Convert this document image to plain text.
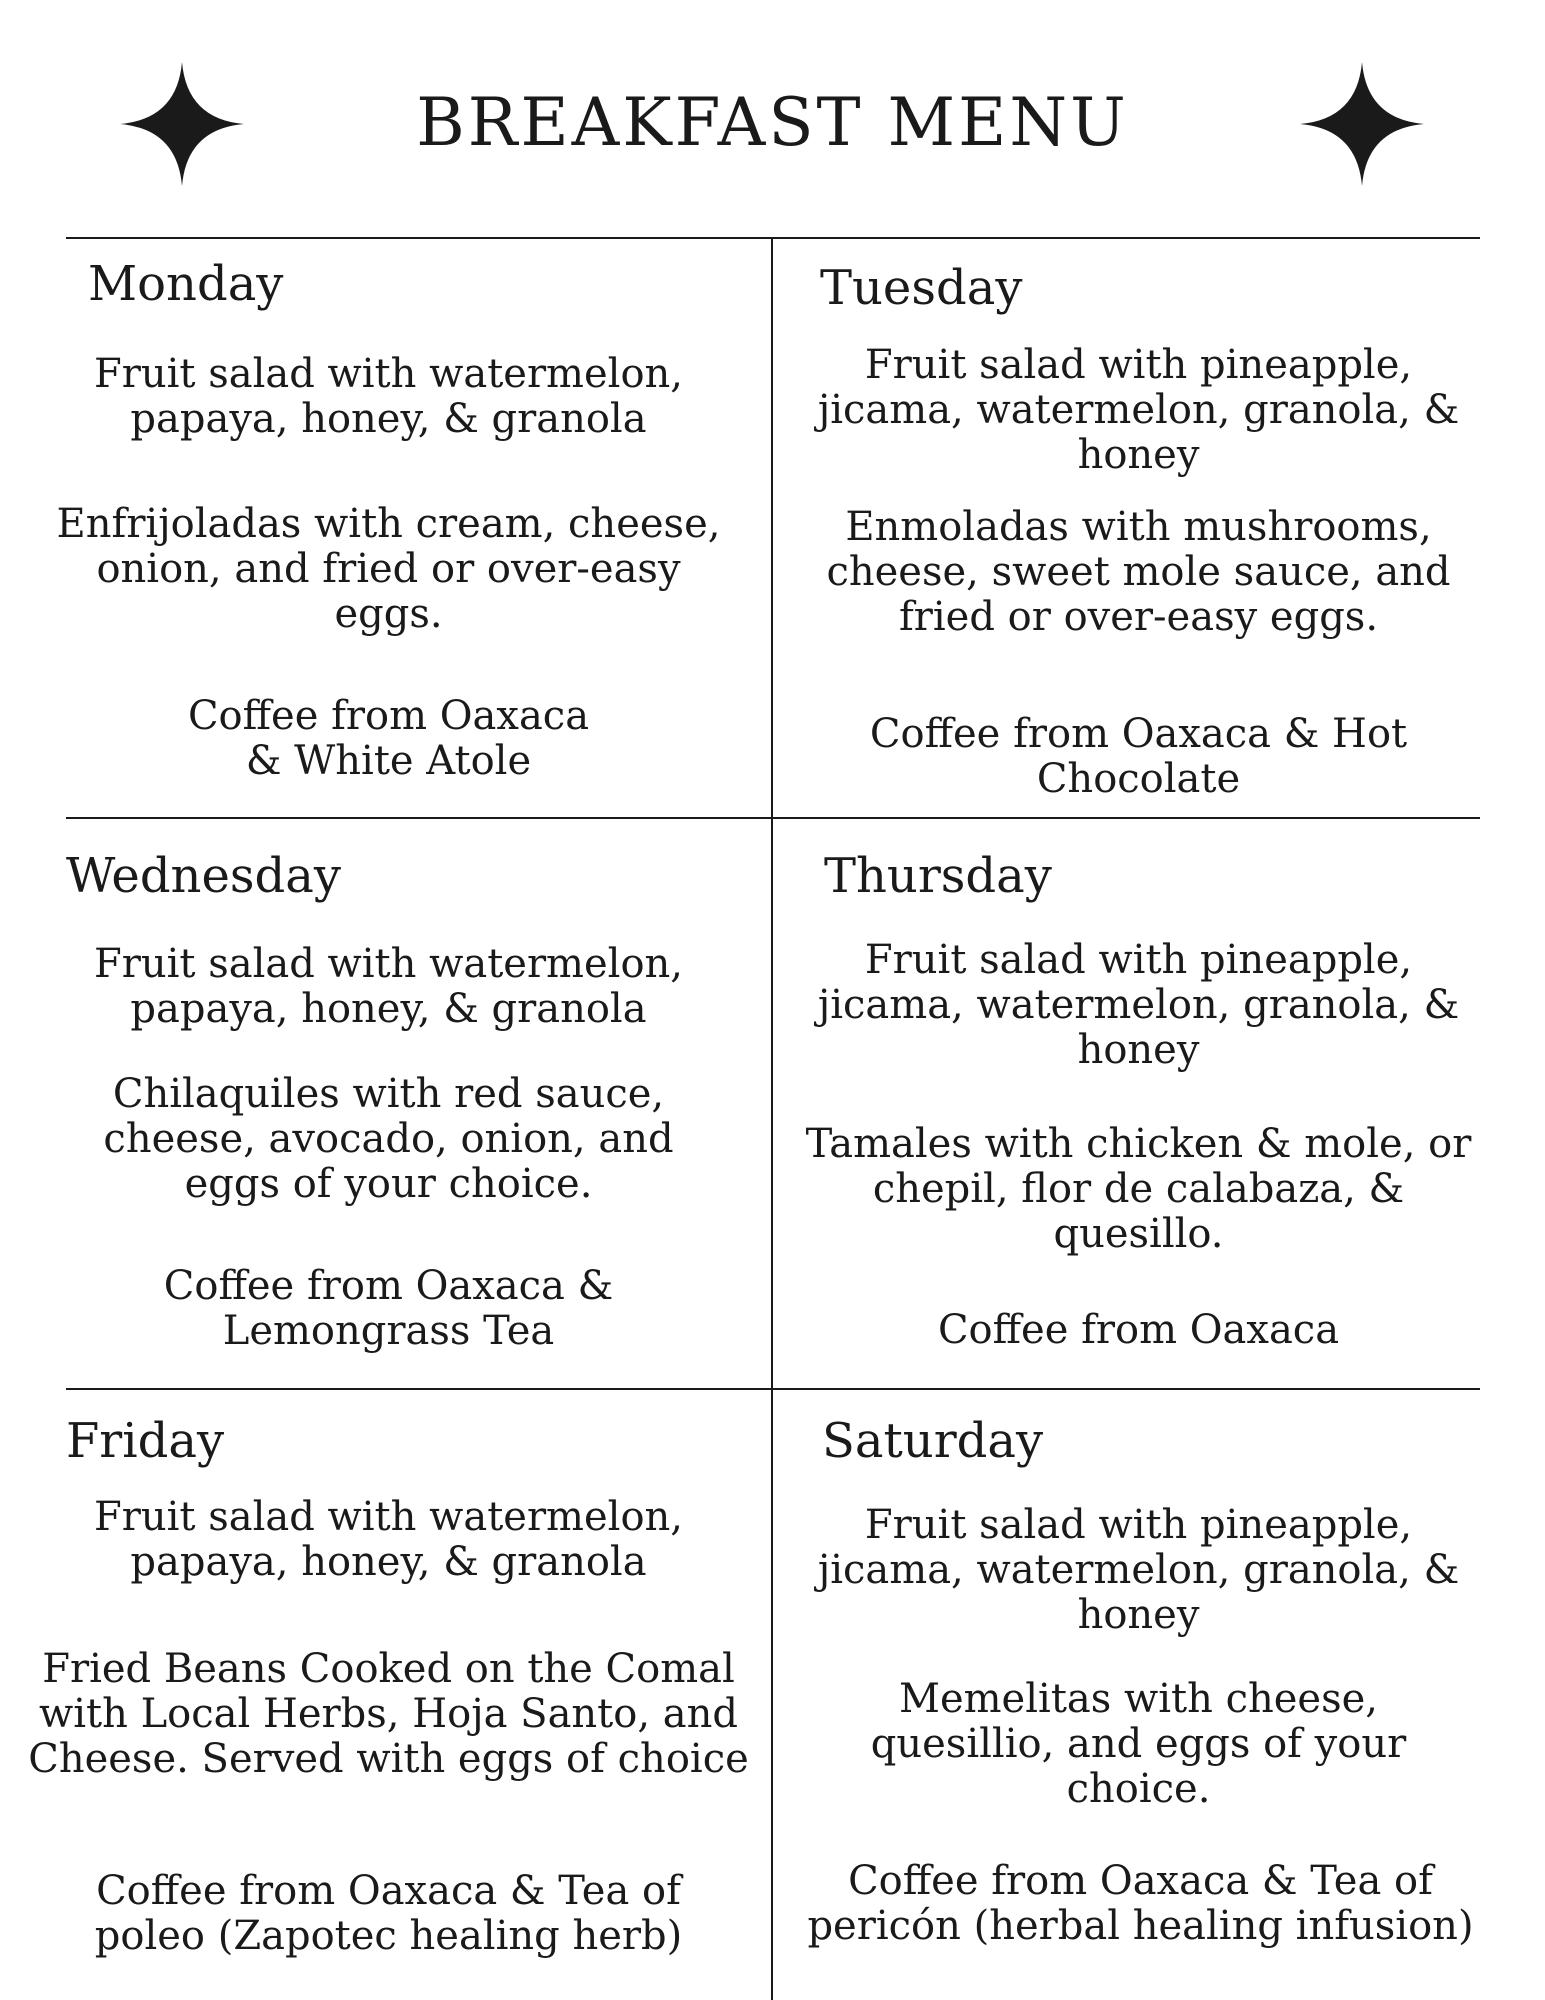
BREAKFAST MENU
Monday
Fruit salad with watermelon, papaya, honey, & granola
Enfrijoladas with cream, cheese, onion, and fried or over-easy eggs.
Coffee from Oaxaca & White Atole
Tuesday
Fruit salad with pineapple, jicama, watermelon, granola, & honey
Enmoladas with mushrooms, cheese, sweet mole sauce, and fried or over-easy eggs.
Coffee from Oaxaca & Hot Chocolate
Wednesday
Fruit salad with watermelon, papaya, honey, & granola
Chilaquiles with red sauce, cheese, avocado, onion, and eggs of your choice.
Coffee from Oaxaca & Lemongrass Tea
Thursday
Fruit salad with pineapple, jicama, watermelon, granola, & honey
Tamales with chicken & mole, or chepil, flor de calabaza, & quesillo.
Coffee from Oaxaca
Friday
Fruit salad with watermelon, papaya, honey, & granola
Fried Beans Cooked on the Comal with Local Herbs, Hoja Santo, and Cheese. Served with eggs of choice
Coffee from Oaxaca & Tea of poleo (Zapotec healing herb)
Saturday
Fruit salad with pineapple, jicama, watermelon, granola, & honey
Memelitas with cheese, quesillio, and eggs of your choice.
Coffee from Oaxaca & Tea of pericón (herbal healing infusion)
